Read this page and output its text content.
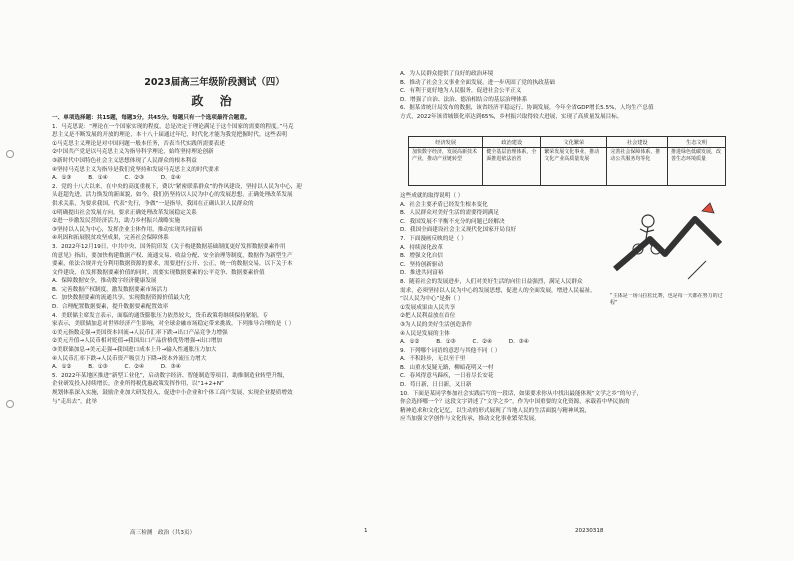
2023届高三年级阶段测试（四）
政 治
一、单项选择题：共15题，每题3分，共45分。每题只有一个选项最符合题意。
1．马克思说：“理论在一个国家实现的程度，总是决定于理论满足于这个国家的需要的程度。”马克
思主义是不断发展的开放的理论，本十八十届通过年纪，时代化才能为我党把握时代，这些表明
①马克思主义理论是对中国问题一般本任务，否表当代实践所需要表述
②中国共产党是以马克思主义为指导科学理论，始终坚持理论创新
③新时代中国特色社会主义思想体现了人民群众的根本利益
④坚持马克思主义为指导是我们党坚持和发展马克思主义的时代要求
A．①③　　　B．①④　　　C．②③　　　D．②④
2．党的十八大以来，在中央的高度重视下，费以“紧密联系群众”的作风建设，坚持以人民为中心，迎
头赶超先进，活力焕发的新面貌，如今，我们仍坚持以人民为中心的发展思想，正确处理改革发展
供求关系，为要求我国，代表“先行，争做”一是指导，我国在正确认识人民群众的
①明确提出社会发展方向，要求正确处理改革发展稳定关系
②进一步激发民营经济活力，助力乡村振兴战略实施
③坚持以人民为中心，发挥企业主体作用，推动实现共同富裕
④巩固和拓展脱贫攻坚成果，完善社会保障体系
3．2022年12月19日，中共中央、国务院印发《关于构建数据基础制度更好发挥数据要素作用
的意见》指出，要加快构建数据产权、流通交易、收益分配、安全治理等制度，数据作为新型生产
要素，依法合规并充分利用数据资源的要求，需要进行公开、公正，统一的数据交易，以下关于本
文件建设，在发挥数据要素价值的同时，需要实现数据要素的公平竞争、数据要素价值
A．保障数据安全，推动数字经济健康发展
B．完善数据产权制度，激发数据要素市场活力
C．加快数据要素的流通共享，实现数据资源价值最大化
D．合理配置数据要素，提升数据要素配置效率
4．美联储主席发言表示，面临的通货膨胀压力依然较大，货币政策将继续保持紧缩。专
家表示，美联储加息对世界经济产生影响，对全球金融市场稳定带来挑战。下列推导合理的是（ ）
①美元指数走强→美国资本回流→人民币汇率下跌→出口产品竞争力增强
②美元升值→人民币相对贬值→我国出口产品价格优势增强→出口增加
③美联储加息→美元走强→我国进口成本上升→输入性通胀压力加大
④人民币汇率下跌→人民币资产吸引力下降→资本外流压力增大
A．①②　　　B．①③　　　C．②④　　　D．③④
5．2022年某地区推进“新型工业化”，启动数字经济、智能制造等项目，助推制造业转型升级，
企业研发投入持续增长。企业所得税优惠政策发挥作用，以“1+2+N”
规划体系深入实施，鼓励企业加大研发投入，促进中小企业和个体工商户发展，实现企业提质增效
与“走出去”，此举
A．为人民群众提供了良好的政治环境
B．推动了社会主义事业全面发展，进一步巩固了党的执政基础
C．有利于更好地为人民服务，促进社会公平正义
D．增强了自治、法治、德治相结合的基层治理体系
6．据某省统计局发布的数据，该省经济平稳运行、协调发展，今年全省GDP增长5.5%，人均生产总值
方式，2022年该省城镇化率达到65%，乡村振兴取得较大进展，实现了高质量发展目标。
经济发展	政治建设	文化繁荣	社会建设	生态文明
加快数字经济，发展高新技术产业，推动产业链转型	健全基层治理体系，全面推进依法治省	繁荣发展文化事业，推动文化产业高质量发展	完善社会保障体系，推动公共服务均等化	推进绿色低碳发展，改善生态环境质量
这些成就的取得说明（ ）
A．社会主要矛盾已经发生根本变化
B．人民群众对美好生活的需要得到满足
C．我国发展不平衡不充分的问题已经解决
D．我国全面建设社会主义现代化国家开局良好
7．下面漫画反映的是（ ）
A．持续深化改革
B．增强文化自信
C．坚持创新驱动
D．推进共同富裕
8．随着社会的发展进步，人们对美好生活的向往日益强烈，满足人民群众
需求，必须坚持以人民为中心的发展思想，促进人的全面发展，增进人民福祉。
“以人民为中心”是指（ ）
①发展成果由人民共享
②把人民利益放在首位
③为人民的美好生活创造条件
④人民是发展的主体
A．①②　　　B．①③　　　C．②④　　　D．③④
9．下列哪个词语的意思与其他不同（ ）
A．不积跬步，无以至千里
B．山重水复疑无路，柳暗花明又一村
C．春风得意马蹄疾，一日看尽长安花
D．苟日新，日日新，又日新
10．下面是某同学参加社会实践后写的一段话，如果要求你从中找出最能体现“文学之乡”的句子，
你会选择哪一个？这段文字讲述了“文学之乡”，作为中国重要的文化资源，承载着中华民族的
精神追求和文化记忆，以生动的形式展现了当地人民的生活面貌与精神风貌，
应当加强文学创作与文化传承，推动文化事业繁荣发展。
“主体是一场马拉松比赛，也是每一天都在努力的过程”
高三检测　政治（共3页）	1	20230318
